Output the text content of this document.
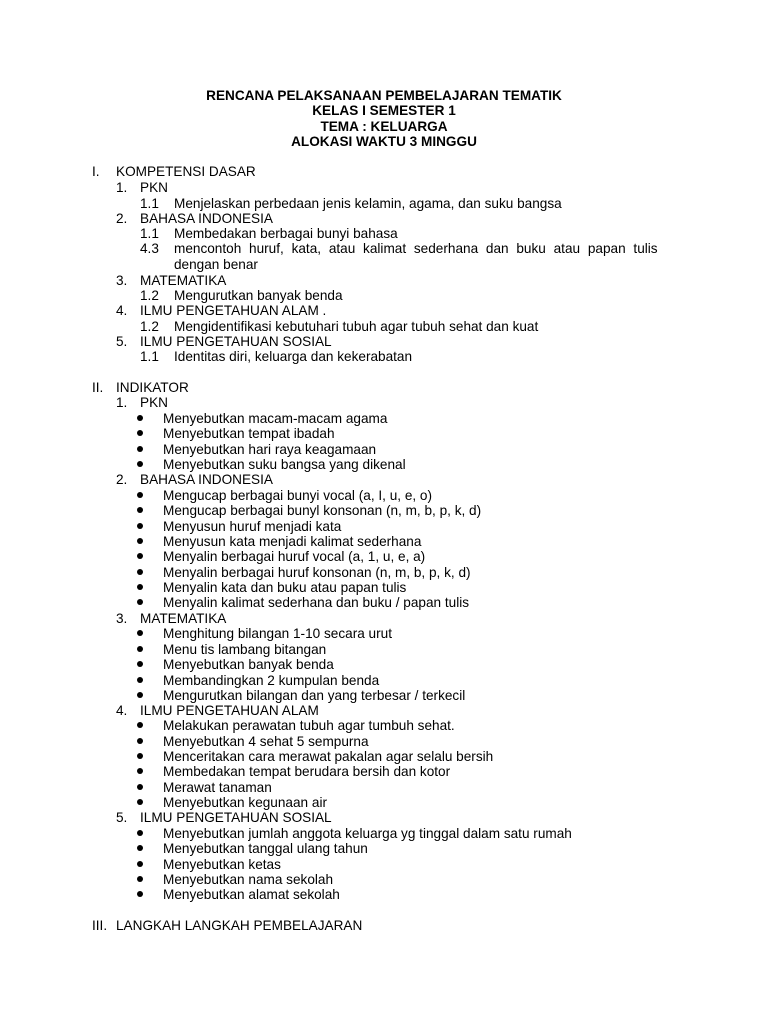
RENCANA PELAKSANAAN PEMBELAJARAN TEMATIK
KELAS I SEMESTER 1
TEMA : KELUARGA
ALOKASI WAKTU 3 MINGGU
I. KOMPETENSI DASAR
1. PKN
1.1 Menjelaskan perbedaan jenis kelamin, agama, dan suku bangsa
2. BAHASA INDONESIA
1.1 Membedakan berbagai bunyi bahasa
4.3 mencontoh huruf, kata, atau kalimat sederhana dan buku atau papan tulis
dengan benar
3. MATEMATIKA
1.2 Mengurutkan banyak benda
4. ILMU PENGETAHUAN ALAM .
1.2 Mengidentifikasi kebutuhari tubuh agar tubuh sehat dan kuat
5. ILMU PENGETAHUAN SOSIAL
1.1 Identitas diri, keluarga dan kekerabatan
II. INDIKATOR
1. PKN
Menyebutkan macam-macam agama
Menyebutkan tempat ibadah
Menyebutkan hari raya keagamaan
Menyebutkan suku bangsa yang dikenal
2. BAHASA INDONESIA
Mengucap berbagai bunyi vocal (a, I, u, e, o)
Mengucap berbagai bunyl konsonan (n, m, b, p, k, d)
Menyusun huruf menjadi kata
Menyusun kata menjadi kalimat sederhana
Menyalin berbagai huruf vocal (a, 1, u, e, a)
Menyalin berbagai huruf konsonan (n, m, b, p, k, d)
Menyalin kata dan buku atau papan tulis
Menyalin kalimat sederhana dan buku / papan tulis
3. MATEMATIKA
Menghitung bilangan 1-10 secara urut
Menu tis lambang bitangan
Menyebutkan banyak benda
Membandingkan 2 kumpulan benda
Mengurutkan bilangan dan yang terbesar / terkecil
4. ILMU PENGETAHUAN ALAM
Melakukan perawatan tubuh agar tumbuh sehat.
Menyebutkan 4 sehat 5 sempurna
Menceritakan cara merawat pakalan agar selalu bersih
Membedakan tempat berudara bersih dan kotor
Merawat tanaman
Menyebutkan kegunaan air
5. ILMU PENGETAHUAN SOSIAL
Menyebutkan jumlah anggota keluarga yg tinggal dalam satu rumah
Menyebutkan tanggal ulang tahun
Menyebutkan ketas
Menyebutkan nama sekolah
Menyebutkan alamat sekolah
III. LANGKAH LANGKAH PEMBELAJARAN
